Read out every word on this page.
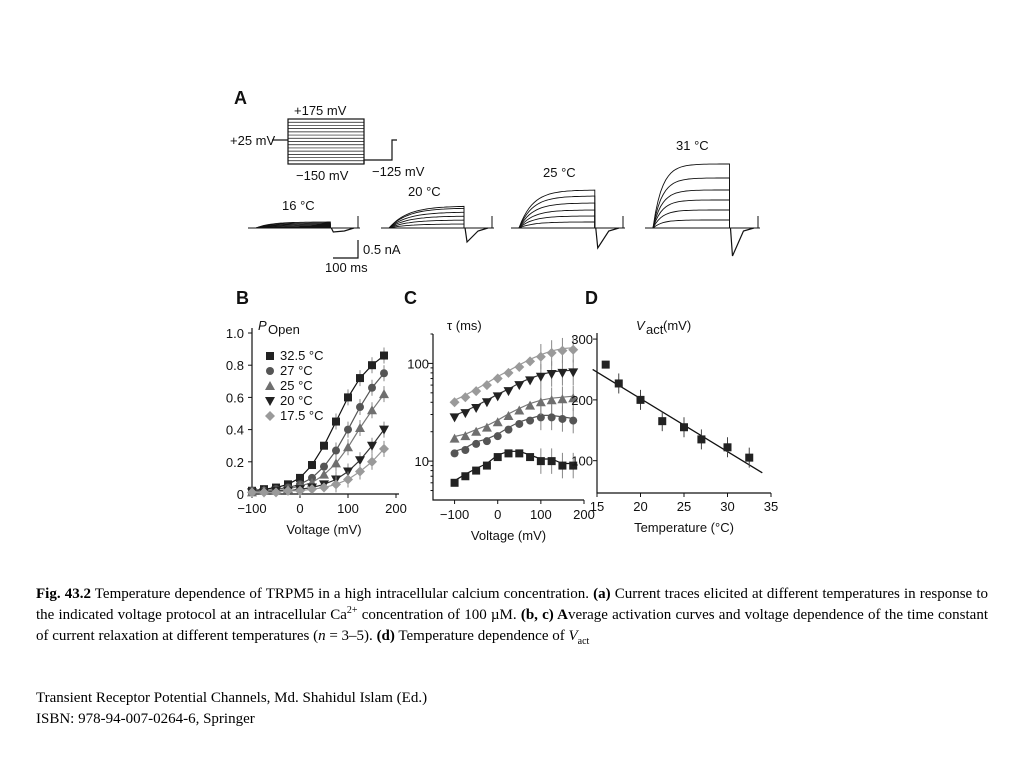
A
+175 mV
+25 mV
−150 mV −125 mV
16 °C
20 °C
25 °C
31 °C
0.5 nA
100 ms
B
0
0.2
0.4
0.6
0.8
1.0
−100 0	100 200
Voltage (mV)
P Open
32.5 °C
27 °C
25 °C
20 °C
17.5 °C
C
10
100
−100 0 100 200
Voltage (mV)
τ (ms)
D
100
200
300
15 20 25 30 35
Temperature (°C)
V act (mV)
Fig. 43.2 Temperature dependence of TRPM5 in a high intracellular calcium concentration. (a) Current traces elicited at different temperatures in response to the indicated voltage protocol at an intracellular $Ca^{2+}$ concentration of 100 µM. (b, c) Average activation curves and voltage dependence of the time constant of current relaxation at different temperatures (n = 3–5). (d) Temperature dependence of $V_{act}$
Transient Receptor Potential Channels, Md. Shahidul Islam (Ed.)
ISBN: 978-94-007-0264-6, Springer
